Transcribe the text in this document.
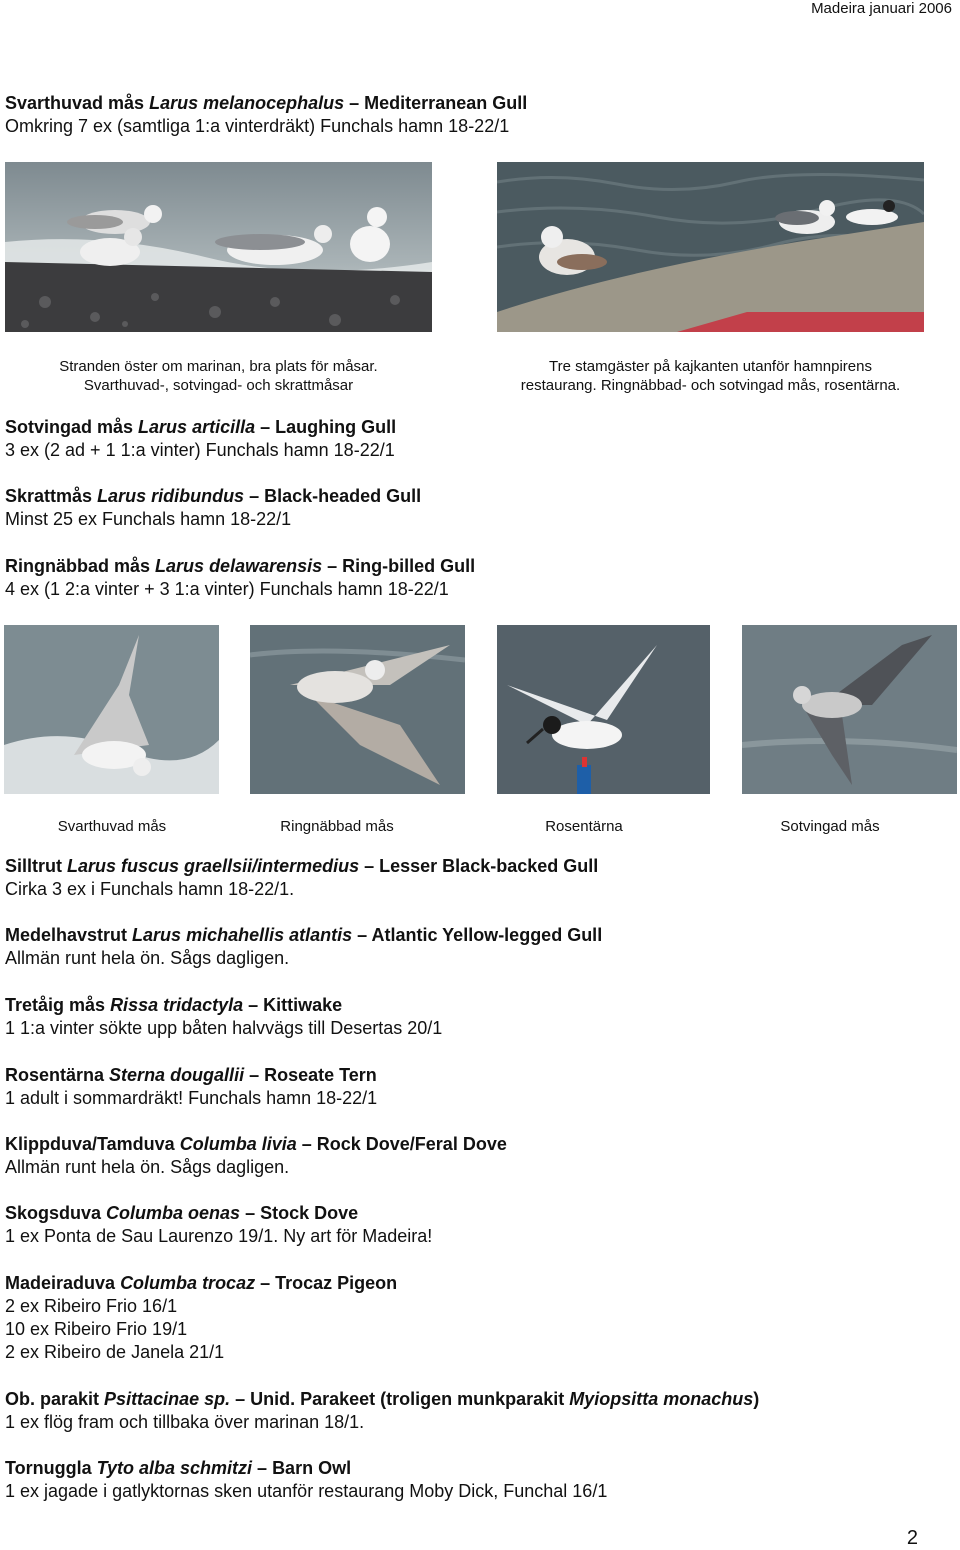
Madeira januari 2006
Svarthuvad mås Larus melanocephalus – Mediterranean Gull
Omkring 7 ex (samtliga 1:a vinterdräkt) Funchals hamn 18-22/1
Stranden öster om marinan, bra plats för måsar.
Svarthuvad-, sotvingad- och skrattmåsar
Tre stamgäster på kajkanten utanför hamnpirens
restaurang. Ringnäbbad- och sotvingad mås, rosentärna.
Sotvingad mås Larus articilla – Laughing Gull
3 ex (2 ad + 1 1:a vinter) Funchals hamn 18-22/1
Skrattmås Larus ridibundus – Black-headed Gull
Minst 25 ex Funchals hamn 18-22/1
Ringnäbbad mås Larus delawarensis – Ring-billed Gull
4 ex (1 2:a vinter + 3 1:a vinter) Funchals hamn 18-22/1
Svarthuvad mås	Ringnäbbad mås	Rosentärna	Sotvingad mås
Silltrut Larus fuscus graellsii/intermedius – Lesser Black-backed Gull
Cirka 3 ex i Funchals hamn 18-22/1.
Medelhavstrut Larus michahellis atlantis – Atlantic Yellow-legged Gull
Allmän runt hela ön. Sågs dagligen.
Tretåig mås Rissa tridactyla – Kittiwake
1 1:a vinter sökte upp båten halvvägs till Desertas 20/1
Rosentärna Sterna dougallii – Roseate Tern
1 adult i sommardräkt! Funchals hamn 18-22/1
Klippduva/Tamduva Columba livia – Rock Dove/Feral Dove
Allmän runt hela ön. Sågs dagligen.
Skogsduva Columba oenas – Stock Dove
1 ex Ponta de Sau Laurenzo 19/1. Ny art för Madeira!
Madeiraduva Columba trocaz – Trocaz Pigeon
2 ex Ribeiro Frio 16/1
10 ex Ribeiro Frio 19/1
2 ex Ribeiro de Janela 21/1
Ob. parakit Psittacinae sp. – Unid. Parakeet (troligen munkparakit Myiopsitta monachus)
1 ex flög fram och tillbaka över marinan 18/1.
Tornuggla Tyto alba schmitzi – Barn Owl
1 ex jagade i gatlyktornas sken utanför restaurang Moby Dick, Funchal 16/1
2
